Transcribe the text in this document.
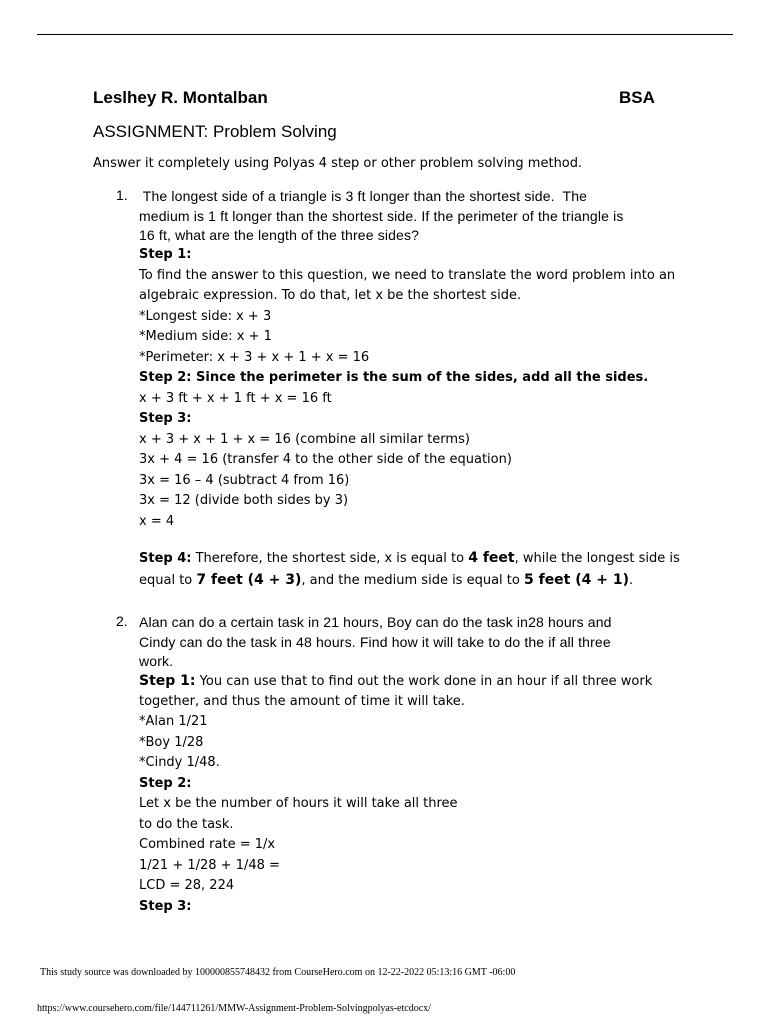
Leslhey R. Montalban	BSA
ASSIGNMENT: Problem Solving
Answer it completely using Polyas 4 step or other problem solving method.
1. The longest side of a triangle is 3 ft longer than the shortest side.  The
medium is 1 ft longer than the shortest side. If the perimeter of the triangle is
16 ft, what are the length of the three sides?
Step 1:
To find the answer to this question, we need to translate the word problem into an
algebraic expression. To do that, let x be the shortest side.
*Longest side: x + 3
*Medium side: x + 1
*Perimeter: x + 3 + x + 1 + x = 16
Step 2: Since the perimeter is the sum of the sides, add all the sides.
x + 3 ft + x + 1 ft + x = 16 ft
Step 3:
x + 3 + x + 1 + x = 16 (combine all similar terms)
3x + 4 = 16 (transfer 4 to the other side of the equation)
3x = 16 – 4 (subtract 4 from 16)
3x = 12 (divide both sides by 3)
x = 4
Step 4: Therefore, the shortest side, x is equal to 4 feet, while the longest side is
equal to 7 feet (4 + 3), and the medium side is equal to 5 feet (4 + 1).
2. Alan can do a certain task in 21 hours, Boy can do the task in28 hours and
Cindy can do the task in 48 hours. Find how it will take to do the if all three
work.
Step 1: You can use that to find out the work done in an hour if all three work
together, and thus the amount of time it will take.
*Alan 1/21
*Boy 1/28
*Cindy 1/48.
Step 2:
Let x be the number of hours it will take all three
to do the task.
Combined rate = 1/x
1/21 + 1/28 + 1/48 =
LCD = 28, 224
Step 3:
This study source was downloaded by 100000855748432 from CourseHero.com on 12-22-2022 05:13:16 GMT -06:00
https://www.coursehero.com/file/144711261/MMW-Assignment-Problem-Solvingpolyas-etcdocx/
